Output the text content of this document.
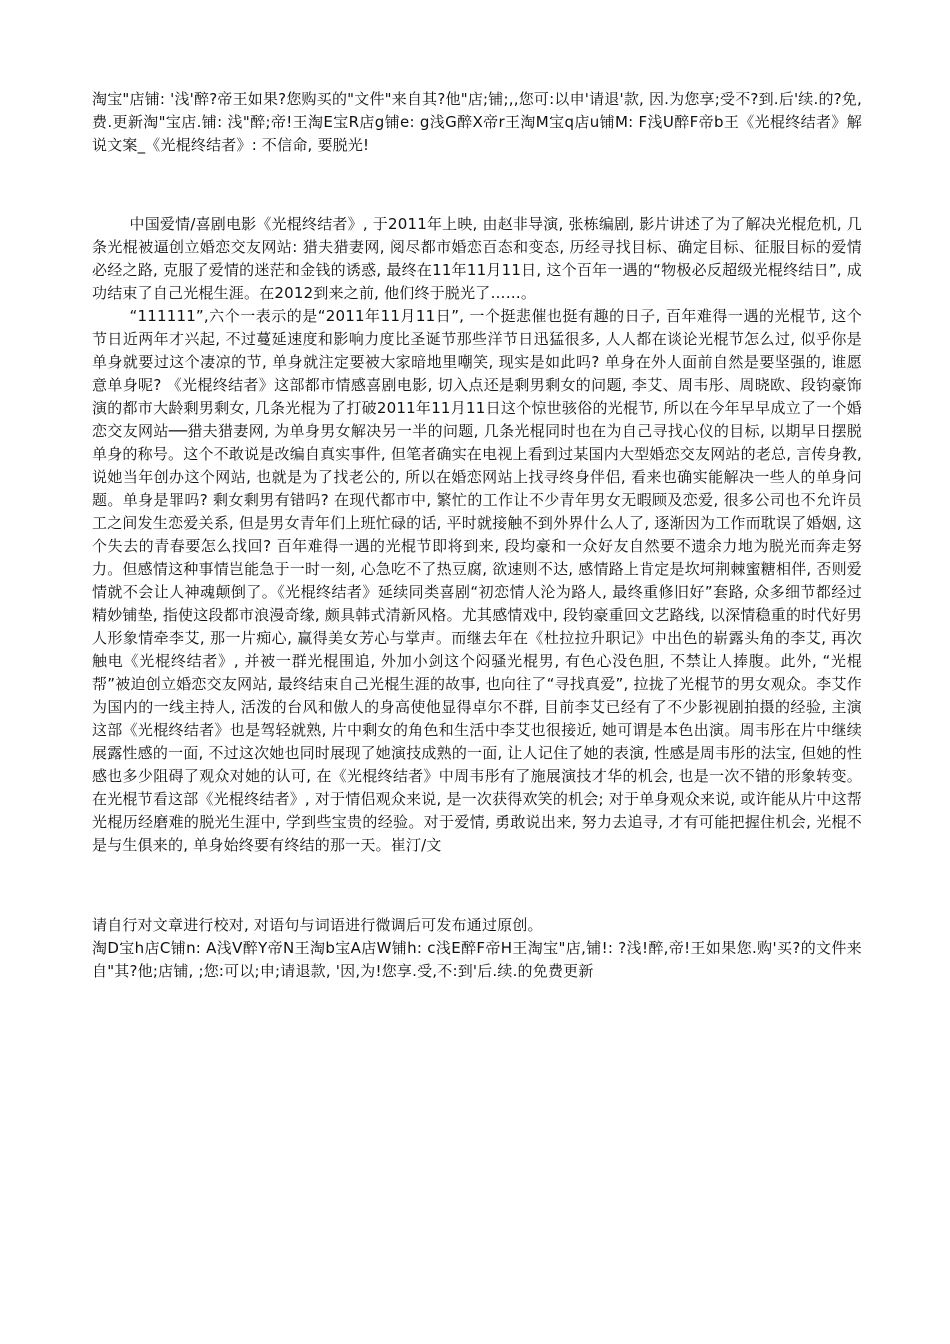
淘宝"店铺: '浅'醉?帝王如果?您购买的"文件"来自其?他"店;铺;,,您可:以申'请退'款, 因.为您享;受不?到.后'续.的?免,费.更新淘"宝店.铺: 浅"醉;帝!王淘E宝R店g铺e: g浅G醉X帝r王淘M宝q店u铺M: F浅U醉F帝b王《光棍终结者》解说文案_《光棍终结者》: 不信命, 要脱光!

中国爱情/喜剧电影《光棍终结者》, 于2011年上映, 由赵非导演, 张栋编剧, 影片讲述了为了解决光棍危机, 几条光棍被逼创立婚恋交友网站: 猎夫猎妻网, 阅尽都市婚恋百态和变态, 历经寻找目标、确定目标、征服目标的爱情必经之路, 克服了爱情的迷茫和金钱的诱惑, 最终在11年11月11日, 这个百年一遇的“物极必反超级光棍终结日”, 成功结束了自己光棍生涯。在2012到来之前, 他们终于脱光了……。

“111111”,六个一表示的是“2011年11月11日”, 一个挺悲催也挺有趣的日子, 百年难得一遇的光棍节, 这个节日近两年才兴起, 不过蔓延速度和影响力度比圣诞节那些洋节日迅猛很多, 人人都在谈论光棍节怎么过, 似乎你是单身就要过这个凄凉的节, 单身就注定要被大家暗地里嘲笑, 现实是如此吗? 单身在外人面前自然是要坚强的, 谁愿意单身呢? 《光棍终结者》这部都市情感喜剧电影, 切入点还是剩男剩女的问题, 李艾、周韦彤、周晓欧、段钧豪饰演的都市大龄剩男剩女, 几条光棍为了打破2011年11月11日这个惊世骇俗的光棍节, 所以在今年早早成立了一个婚恋交友网站──猎夫猎妻网, 为单身男女解决另一半的问题, 几条光棍同时也在为自己寻找心仪的目标, 以期早日摆脱单身的称号。这个不敢说是改编自真实事件, 但笔者确实在电视上看到过某国内大型婚恋交友网站的老总, 言传身教, 说她当年创办这个网站, 也就是为了找老公的, 所以在婚恋网站上找寻终身伴侣, 看来也确实能解决一些人的单身问题。单身是罪吗? 剩女剩男有错吗? 在现代都市中, 繁忙的工作让不少青年男女无暇顾及恋爱, 很多公司也不允许员工之间发生恋爱关系, 但是男女青年们上班忙碌的话, 平时就接触不到外界什么人了, 逐渐因为工作而耽误了婚姻, 这个失去的青春要怎么找回? 百年难得一遇的光棍节即将到来, 段均豪和一众好友自然要不遗余力地为脱光而奔走努力。但感情这种事情岂能急于一时一刻, 心急吃不了热豆腐, 欲速则不达, 感情路上肯定是坎坷荆棘蜜糖相伴, 否则爱情就不会让人神魂颠倒了。《光棍终结者》延续同类喜剧“初恋情人沦为路人, 最终重修旧好”套路, 众多细节都经过精妙铺垫, 指使这段都市浪漫奇缘, 颇具韩式清新风格。尤其感情戏中, 段钧豪重回文艺路线, 以深情稳重的时代好男人形象情牵李艾, 那一片痴心, 赢得美女芳心与掌声。而继去年在《杜拉拉升职记》中出色的崭露头角的李艾, 再次触电《光棍终结者》, 并被一群光棍围追, 外加小剑这个闷骚光棍男, 有色心没色胆, 不禁让人捧腹。此外, “光棍帮”被迫创立婚恋交友网站, 最终结束自己光棍生涯的故事, 也向往了“寻找真爱”, 拉拢了光棍节的男女观众。李艾作为国内的一线主持人, 活泼的台风和傲人的身高使他显得卓尔不群, 目前李艾已经有了不少影视剧拍摄的经验, 主演这部《光棍终结者》也是驾轻就熟, 片中剩女的角色和生活中李艾也很接近, 她可谓是本色出演。周韦彤在片中继续展露性感的一面, 不过这次她也同时展现了她演技成熟的一面, 让人记住了她的表演, 性感是周韦彤的法宝, 但她的性感也多少阻碍了观众对她的认可, 在《光棍终结者》中周韦彤有了施展演技才华的机会, 也是一次不错的形象转变。在光棍节看这部《光棍终结者》, 对于情侣观众来说, 是一次获得欢笑的机会; 对于单身观众来说, 或许能从片中这帮光棍历经磨难的脱光生涯中, 学到些宝贵的经验。对于爱情, 勇敢说出来, 努力去追寻, 才有可能把握住机会, 光棍不是与生俱来的, 单身始终要有终结的那一天。崔汀/文

请自行对文章进行校对, 对语句与词语进行微调后可发布通过原创。

淘D宝h店C铺n: A浅V醉Y帝N王淘b宝A店W铺h: c浅E醉F帝H王淘宝"店,铺!: ?浅!醉,帝!王如果您.购'买?的文件来自"其?他;店铺, ;您:可以;申;请退款, '因,为!您享.受,不:到'后.续.的免费更新
